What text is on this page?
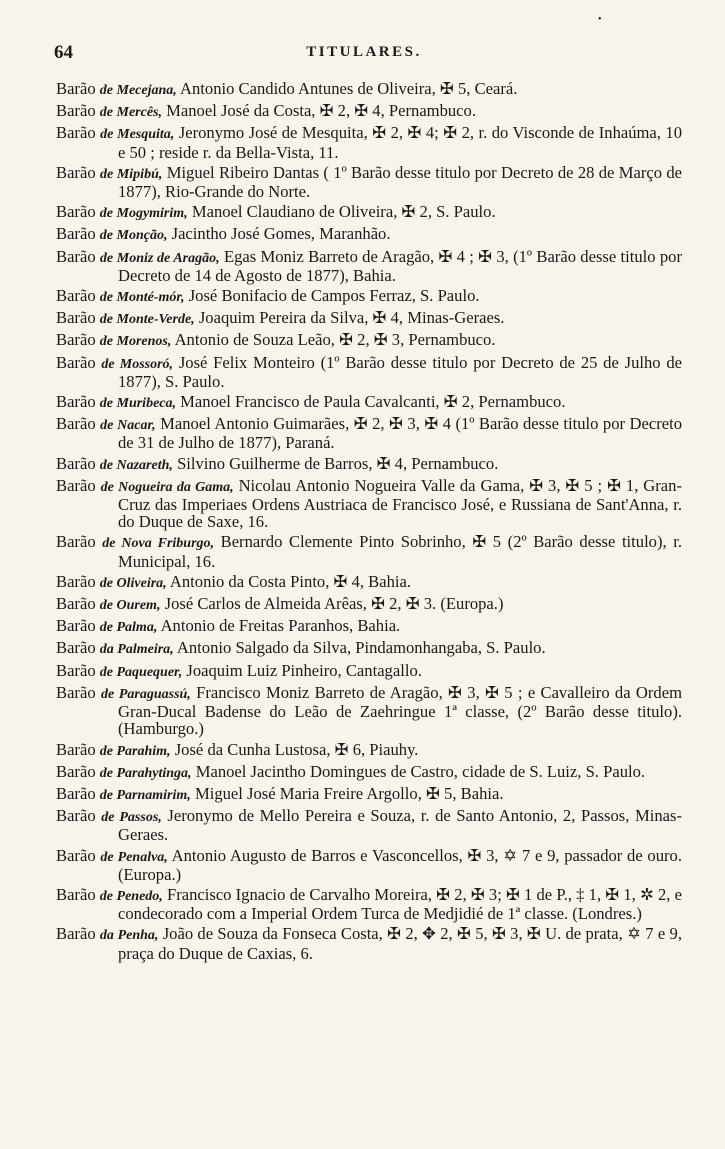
•
64	TITULARES.

Barão de Mecejana, Antonio Candido Antunes de Oliveira, ✠ 5, Ceará.

Barão de Mercês, Manoel José da Costa, ✠ 2, ✠ 4, Pernambuco.

Barão de Mesquita, Jeronymo José de Mesquita, ✠ 2, ✠ 4; ✠ 2, r. do Visconde de Inhaúma, 10 e 50 ; reside r. da Bella-Vista, 11.

Barão de Mipibú, Miguel Ribeiro Dantas ( 1º Barão desse titulo por Decreto de 28 de Março de 1877), Rio-Grande do Norte.

Barão de Mogymirim, Manoel Claudiano de Oliveira, ✠ 2, S. Paulo.

Barão de Monção, Jacintho José Gomes, Maranhão.

Barão de Moniz de Aragão, Egas Moniz Barreto de Aragão, ✠ 4 ; ✠ 3, (1º Barão desse titulo por Decreto de 14 de Agosto de 1877), Bahia.

Barão de Monté-mór, José Bonifacio de Campos Ferraz, S. Paulo.

Barão de Monte-Verde, Joaquim Pereira da Silva, ✠ 4, Minas-Geraes.

Barão de Morenos, Antonio de Souza Leão, ✠ 2, ✠ 3, Pernambuco.

Barão de Mossoró, José Felix Monteiro (1º Barão desse titulo por Decreto de 25 de Julho de 1877), S. Paulo.

Barão de Muribeca, Manoel Francisco de Paula Cavalcanti, ✠ 2, Pernambuco.

Barão de Nacar, Manoel Antonio Guimarães, ✠ 2, ✠ 3, ✠ 4 (1º Barão desse titulo por Decreto de 31 de Julho de 1877), Paraná.

Barão de Nazareth, Silvino Guilherme de Barros, ✠ 4, Pernambuco.

Barão de Nogueira da Gama, Nicolau Antonio Nogueira Valle da Gama, ✠ 3, ✠ 5 ; ✠ 1, Gran-Cruz das Imperiaes Ordens Austriaca de Francisco José, e Russiana de Sant'Anna, r. do Duque de Saxe, 16.

Barão de Nova Friburgo, Bernardo Clemente Pinto Sobrinho, ✠ 5 (2º Barão desse titulo), r. Municipal, 16.

Barão de Oliveira, Antonio da Costa Pinto, ✠ 4, Bahia.

Barão de Ourem, José Carlos de Almeida Arêas, ✠ 2, ✠ 3. (Europa.)

Barão de Palma, Antonio de Freitas Paranhos, Bahia.

Barão da Palmeira, Antonio Salgado da Silva, Pindamonhangaba, S. Paulo.

Barão de Paquequer, Joaquim Luiz Pinheiro, Cantagallo.

Barão de Paraguassú, Francisco Moniz Barreto de Aragão, ✠ 3, ✠ 5 ; e Cavalleiro da Ordem Gran-Ducal Badense do Leão de Zaehringue 1ª classe, (2º Barão desse titulo). (Hamburgo.)

Barão de Parahim, José da Cunha Lustosa, ✠ 6, Piauhy.

Barão de Parahytinga, Manoel Jacintho Domingues de Castro, cidade de S. Luiz, S. Paulo.

Barão de Parnamirim, Miguel José Maria Freire Argollo, ✠ 5, Bahia.

Barão de Passos, Jeronymo de Mello Pereira e Souza, r. de Santo Antonio, 2, Passos, Minas-Geraes.

Barão de Penalva, Antonio Augusto de Barros e Vasconcellos, ✠ 3, ✡ 7 e 9, passador de ouro. (Europa.)

Barão de Penedo, Francisco Ignacio de Carvalho Moreira, ✠ 2, ✠ 3; ✠ 1 de P., ‡ 1, ✠ 1, ✲ 2, e condecorado com a Imperial Ordem Turca de Medjidié de 1ª classe. (Londres.)

Barão da Penha, João de Souza da Fonseca Costa, ✠ 2, ✥ 2, ✠ 5, ✠ 3, ✠ U. de prata, ✡ 7 e 9, praça do Duque de Caxias, 6.
